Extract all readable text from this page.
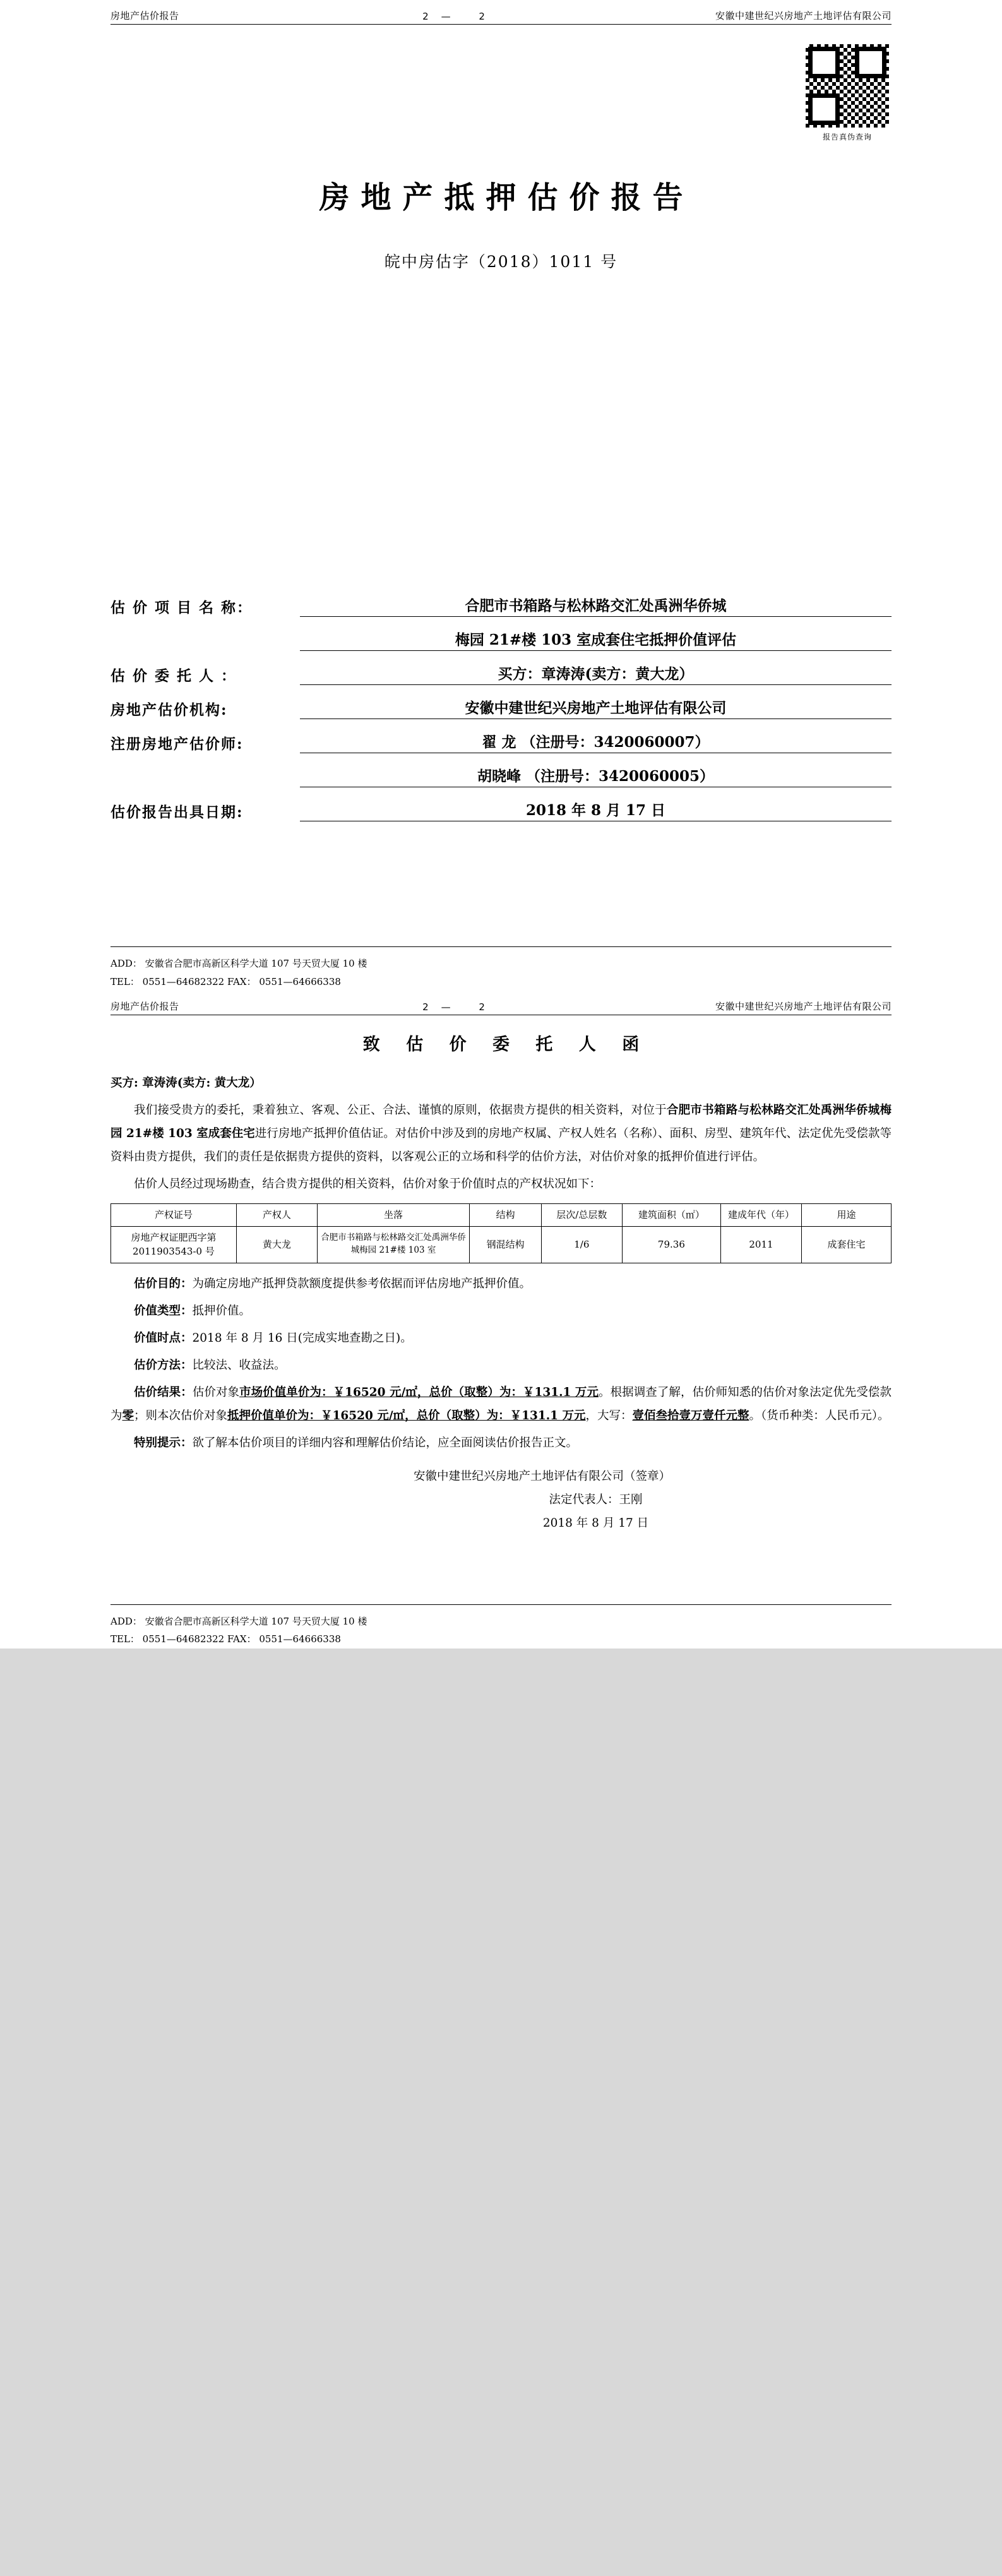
房地产估价报告	2— 2	安徽中建世纪兴房地产土地评估有限公司
报告真伪查询
房地产抵押估价报告
皖中房估字（2018）1011 号
估 价 项 目 名 称：	合肥市书箱路与松林路交汇处禹洲华侨城
梅园 21#楼 103 室成套住宅抵押价值评估
估 价 委 托 人 ：	买方：章涛涛(卖方：黄大龙）
房地产估价机构:	安徽中建世纪兴房地产土地评估有限公司
注册房地产估价师:	翟 龙 （注册号：3420060007）
胡晓峰 （注册号：3420060005）
估价报告出具日期:	2018 年 8 月 17 日
ADD： 安徽省合肥市高新区科学大道 107 号天贸大厦 10 楼
TEL： 0551—64682322 FAX： 0551—64666338
房地产估价报告	2— 2	安徽中建世纪兴房地产土地评估有限公司
致 估 价 委 托 人 函

买方: 章涛涛(卖方: 黄大龙）

我们接受贵方的委托，秉着独立、客观、公正、合法、谨慎的原则，依据贵方提供的相关资料，对位于合肥市书箱路与松林路交汇处禹洲华侨城梅园 21#楼 103 室成套住宅进行房地产抵押价值估证。对估价中涉及到的房地产权属、产权人姓名（名称）、面积、房型、建筑年代、法定优先受偿款等资料由贵方提供，我们的责任是依据贵方提供的资料，以客观公正的立场和科学的估价方法，对估价对象的抵押价值进行评估。

估价人员经过现场勘查，结合贵方提供的相关资料，估价对象于价值时点的产权状况如下：

产权证号	产权人	坐落	结构	层次/总层数	建筑面积（㎡）	建成年代（年）	用途
房地产权证肥西字第2011903543-0 号	黄大龙	合肥市书箱路与松林路交汇处禹洲华侨城梅园 21#楼 103 室	钢混结构	1/6	79.36	2011	成套住宅

估价目的：为确定房地产抵押贷款额度提供参考依据而评估房地产抵押价值。

价值类型：抵押价值。

价值时点：2018 年 8 月 16 日(完成实地查勘之日)。

估价方法：比较法、收益法。

估价结果：估价对象市场价值单价为：￥16520 元/㎡，总价（取整）为：￥131.1 万元。根据调查了解，估价师知悉的估价对象法定优先受偿款为零；则本次估价对象抵押价值单价为：￥16520 元/㎡，总价（取整）为：￥131.1 万元，大写：壹佰叁拾壹万壹仟元整。（货币种类：人民币元）。

特别提示：欲了解本估价项目的详细内容和理解估价结论，应全面阅读估价报告正文。

安徽中建世纪兴房地产土地评估有限公司（签章）
法定代表人：王刚
2018 年 8 月 17 日
ADD： 安徽省合肥市高新区科学大道 107 号天贸大厦 10 楼
TEL： 0551—64682322 FAX： 0551—64666338
